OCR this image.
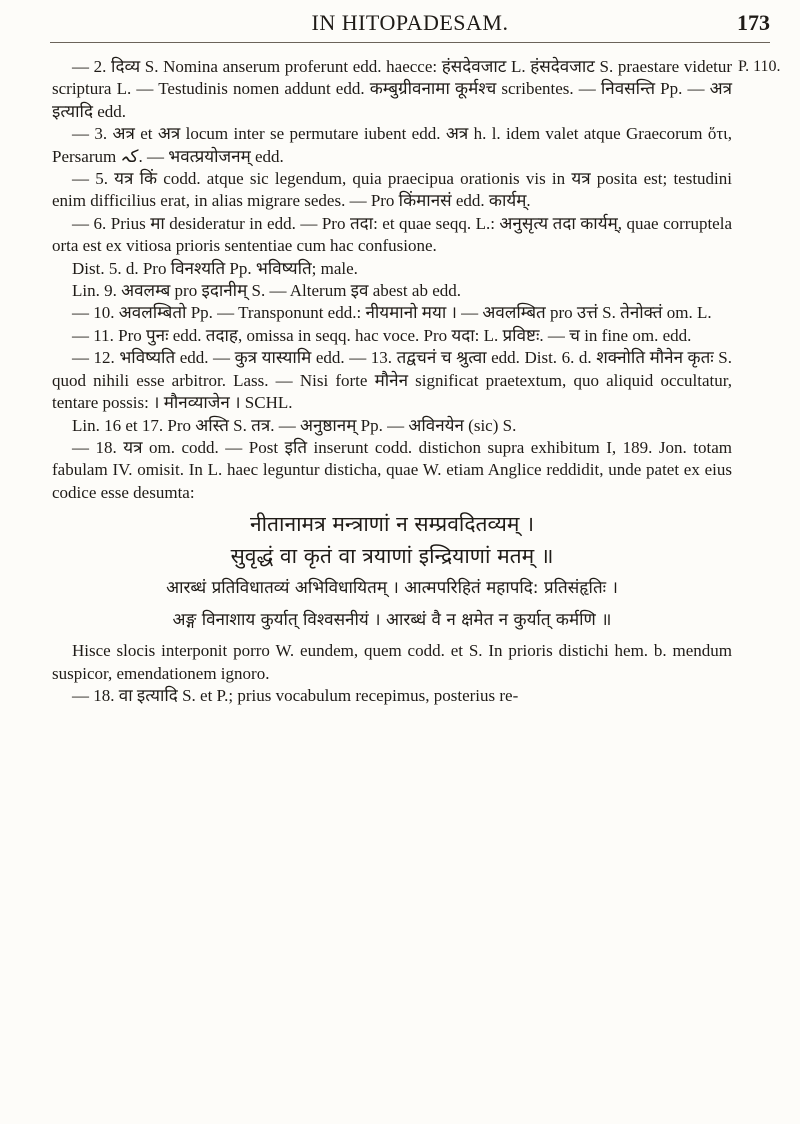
IN HITOPADESAM.	173
P. 110.

— 2. दिव्य S. Nomina anserum proferunt edd. haecce: हंसदेवजाट L. हंसदेवजाट S. praestare videtur scriptura L. — Testudinis nomen addunt edd. कम्बुग्रीवनामा कूर्मश्च scribentes. — निवसन्ति Pp. — अत्र इत्यादि edd.

— 3. अत्र et अत्र locum inter se permutare iubent edd. अत्र h. l. idem valet atque Graecorum ὅτι, Persarum کہ. — भवत्प्रयोजनम् edd.

— 5. यत्र किं codd. atque sic legendum, quia praecipua orationis vis in यत्र posita est; testudini enim difficilius erat, in alias migrare sedes. — Pro किंमानसं edd. कार्यम्.

— 6. Prius मा desideratur in edd. — Pro तदा: et quae seqq. L.: अनुसृत्य तदा कार्यम्, quae corruptela orta est ex vitiosa prioris sententiae cum hac confusione.

Dist. 5. d. Pro विनश्यति Pp. भविष्यति; male.

Lin. 9. अवलम्ब pro इदानीम् S. — Alterum इव abest ab edd.

— 10. अवलम्बितो Pp. — Transponunt edd.: नीयमानो मया । — अवलम्बित pro उत्तं S. तेनोक्तं om. L.

— 11. Pro पुनः edd. तदाह, omissa in seqq. hac voce. Pro यदा: L. प्रविष्टः. — च in fine om. edd.

— 12. भविष्यति edd. — कुत्र यास्यामि edd. — 13. तद्वचनं च श्रुत्वा edd. Dist. 6. d. शक्नोति मौनेन कृतः S. quod nihili esse arbitror. Lass. — Nisi forte मौनेन significat praetextum, quo aliquid occultatur, tentare possis: । मौनव्याजेन । SCHL.

Lin. 16 et 17. Pro अस्ति S. तत्र. — अनुष्ठानम् Pp. — अविनयेन (sic) S.

— 18. यत्र om. codd. — Post इति inserunt codd. distichon supra exhibitum I, 189. Jon. totam fabulam IV. omisit. In L. haec leguntur disticha, quae W. etiam Anglice reddidit, unde patet ex eius codice esse desumta:

नीतानामत्र मन्त्राणां न सम्प्रवदितव्यम् ।
सुवृद्धं वा कृतं वा त्रयाणां इन्द्रियाणां मतम् ॥
आरब्धं प्रतिविधातव्यं अभिविधायितम् । आत्मपरिहितं महापदि: प्रतिसंहृतिः ।
अङ्ग विनाशाय कुर्यात् विश्वसनीयं । आरब्धं वै न क्षमेत न कुर्यात् कर्मणि ॥

Hisce slocis interponit porro W. eundem, quem codd. et S. In prioris distichi hem. b. mendum suspicor, emendationem ignoro.

— 18. वा इत्यादि S. et P.; prius vocabulum recepimus, posterius re-
